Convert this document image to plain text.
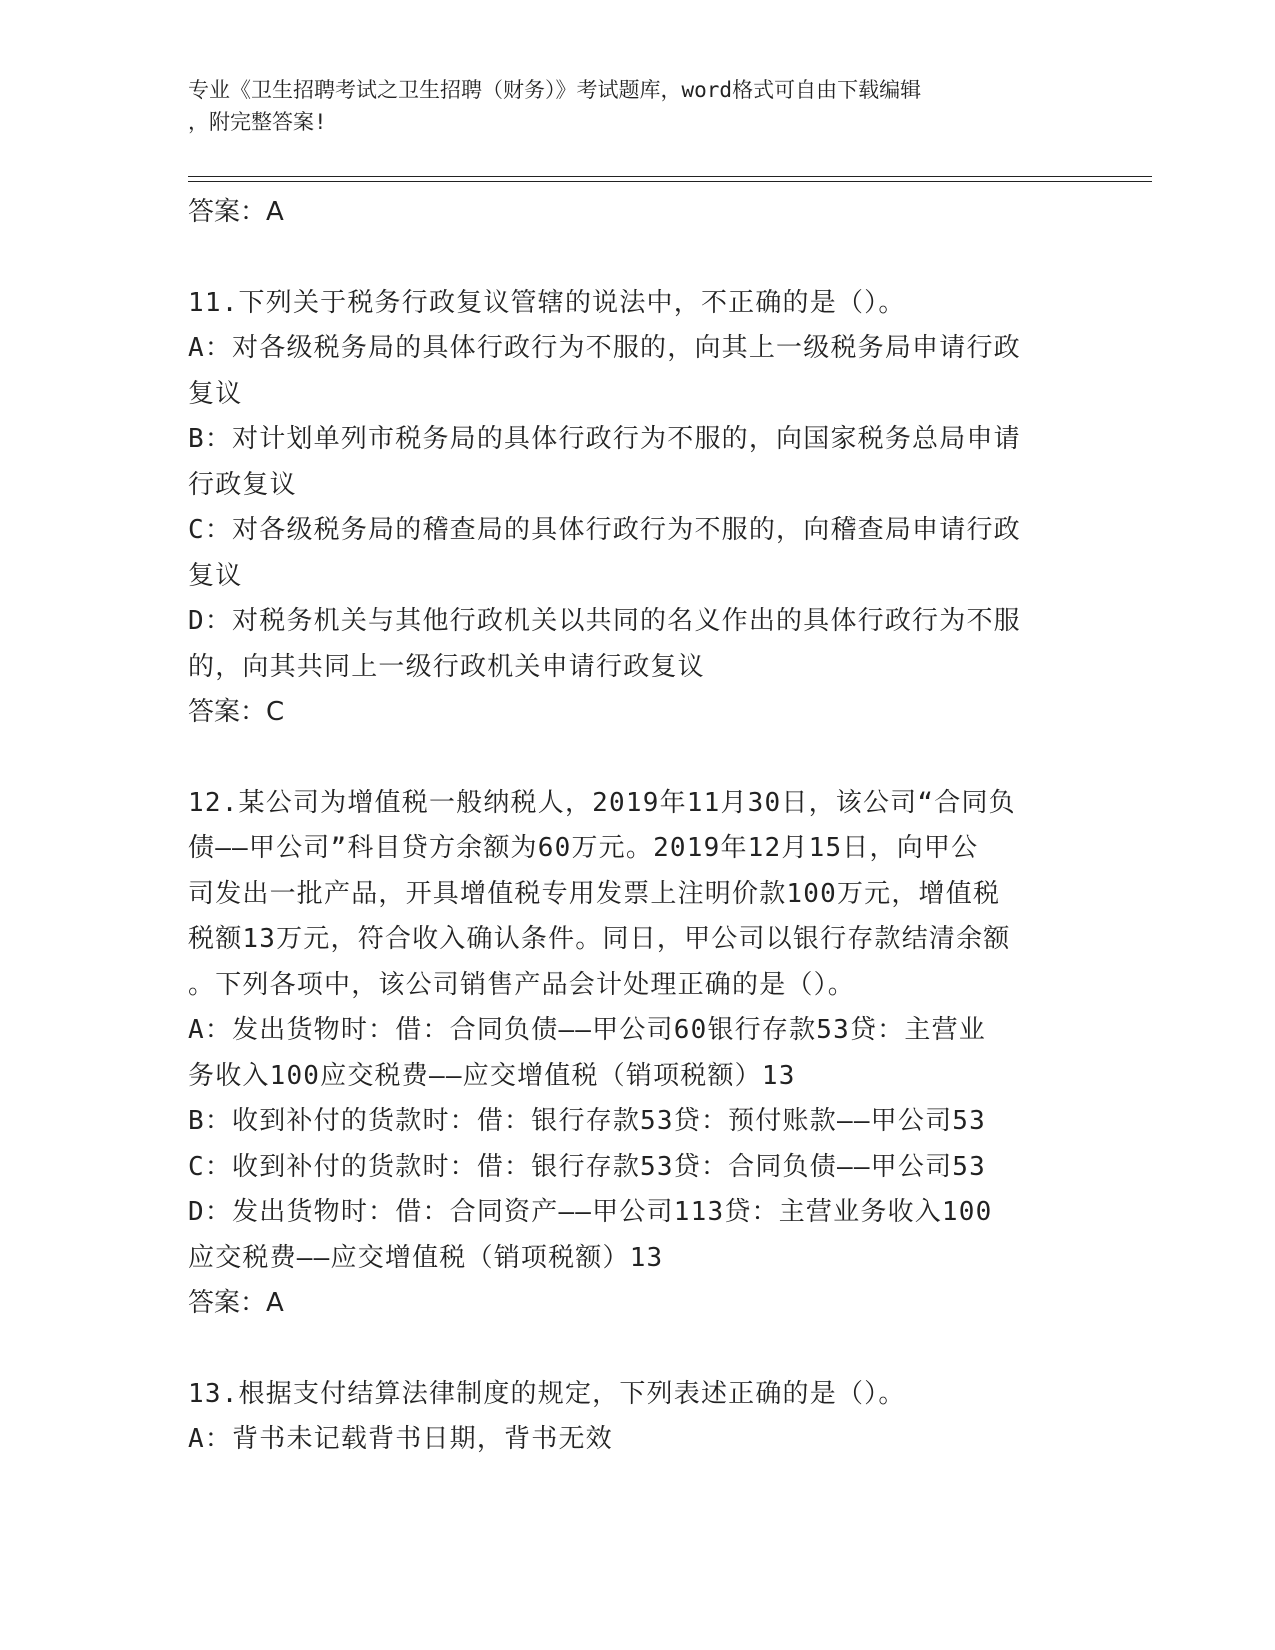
专业《卫生招聘考试之卫生招聘（财务）》考试题库，word格式可自由下载编辑
，附完整答案!
答案：A
11.下列关于税务行政复议管辖的说法中，不正确的是（）。
A：对各级税务局的具体行政行为不服的，向其上一级税务局申请行政
复议
B：对计划单列市税务局的具体行政行为不服的，向国家税务总局申请
行政复议
C：对各级税务局的稽查局的具体行政行为不服的，向稽查局申请行政
复议
D：对税务机关与其他行政机关以共同的名义作出的具体行政行为不服
的，向其共同上一级行政机关申请行政复议
答案：C
12.某公司为增值税一般纳税人，2019年11月30日，该公司“合同负
债——甲公司”科目贷方余额为60万元。2019年12月15日，向甲公
司发出一批产品，开具增值税专用发票上注明价款100万元，增值税
税额13万元，符合收入确认条件。同日，甲公司以银行存款结清余额
。下列各项中，该公司销售产品会计处理正确的是（）。
A：发出货物时：借：合同负债——甲公司60银行存款53贷：主营业
务收入100应交税费——应交增值税（销项税额）13
B：收到补付的货款时：借：银行存款53贷：预付账款——甲公司53
C：收到补付的货款时：借：银行存款53贷：合同负债——甲公司53
D：发出货物时：借：合同资产——甲公司113贷：主营业务收入100
应交税费——应交增值税（销项税额）13
答案：A
13.根据支付结算法律制度的规定，下列表述正确的是（）。
A：背书未记载背书日期，背书无效
